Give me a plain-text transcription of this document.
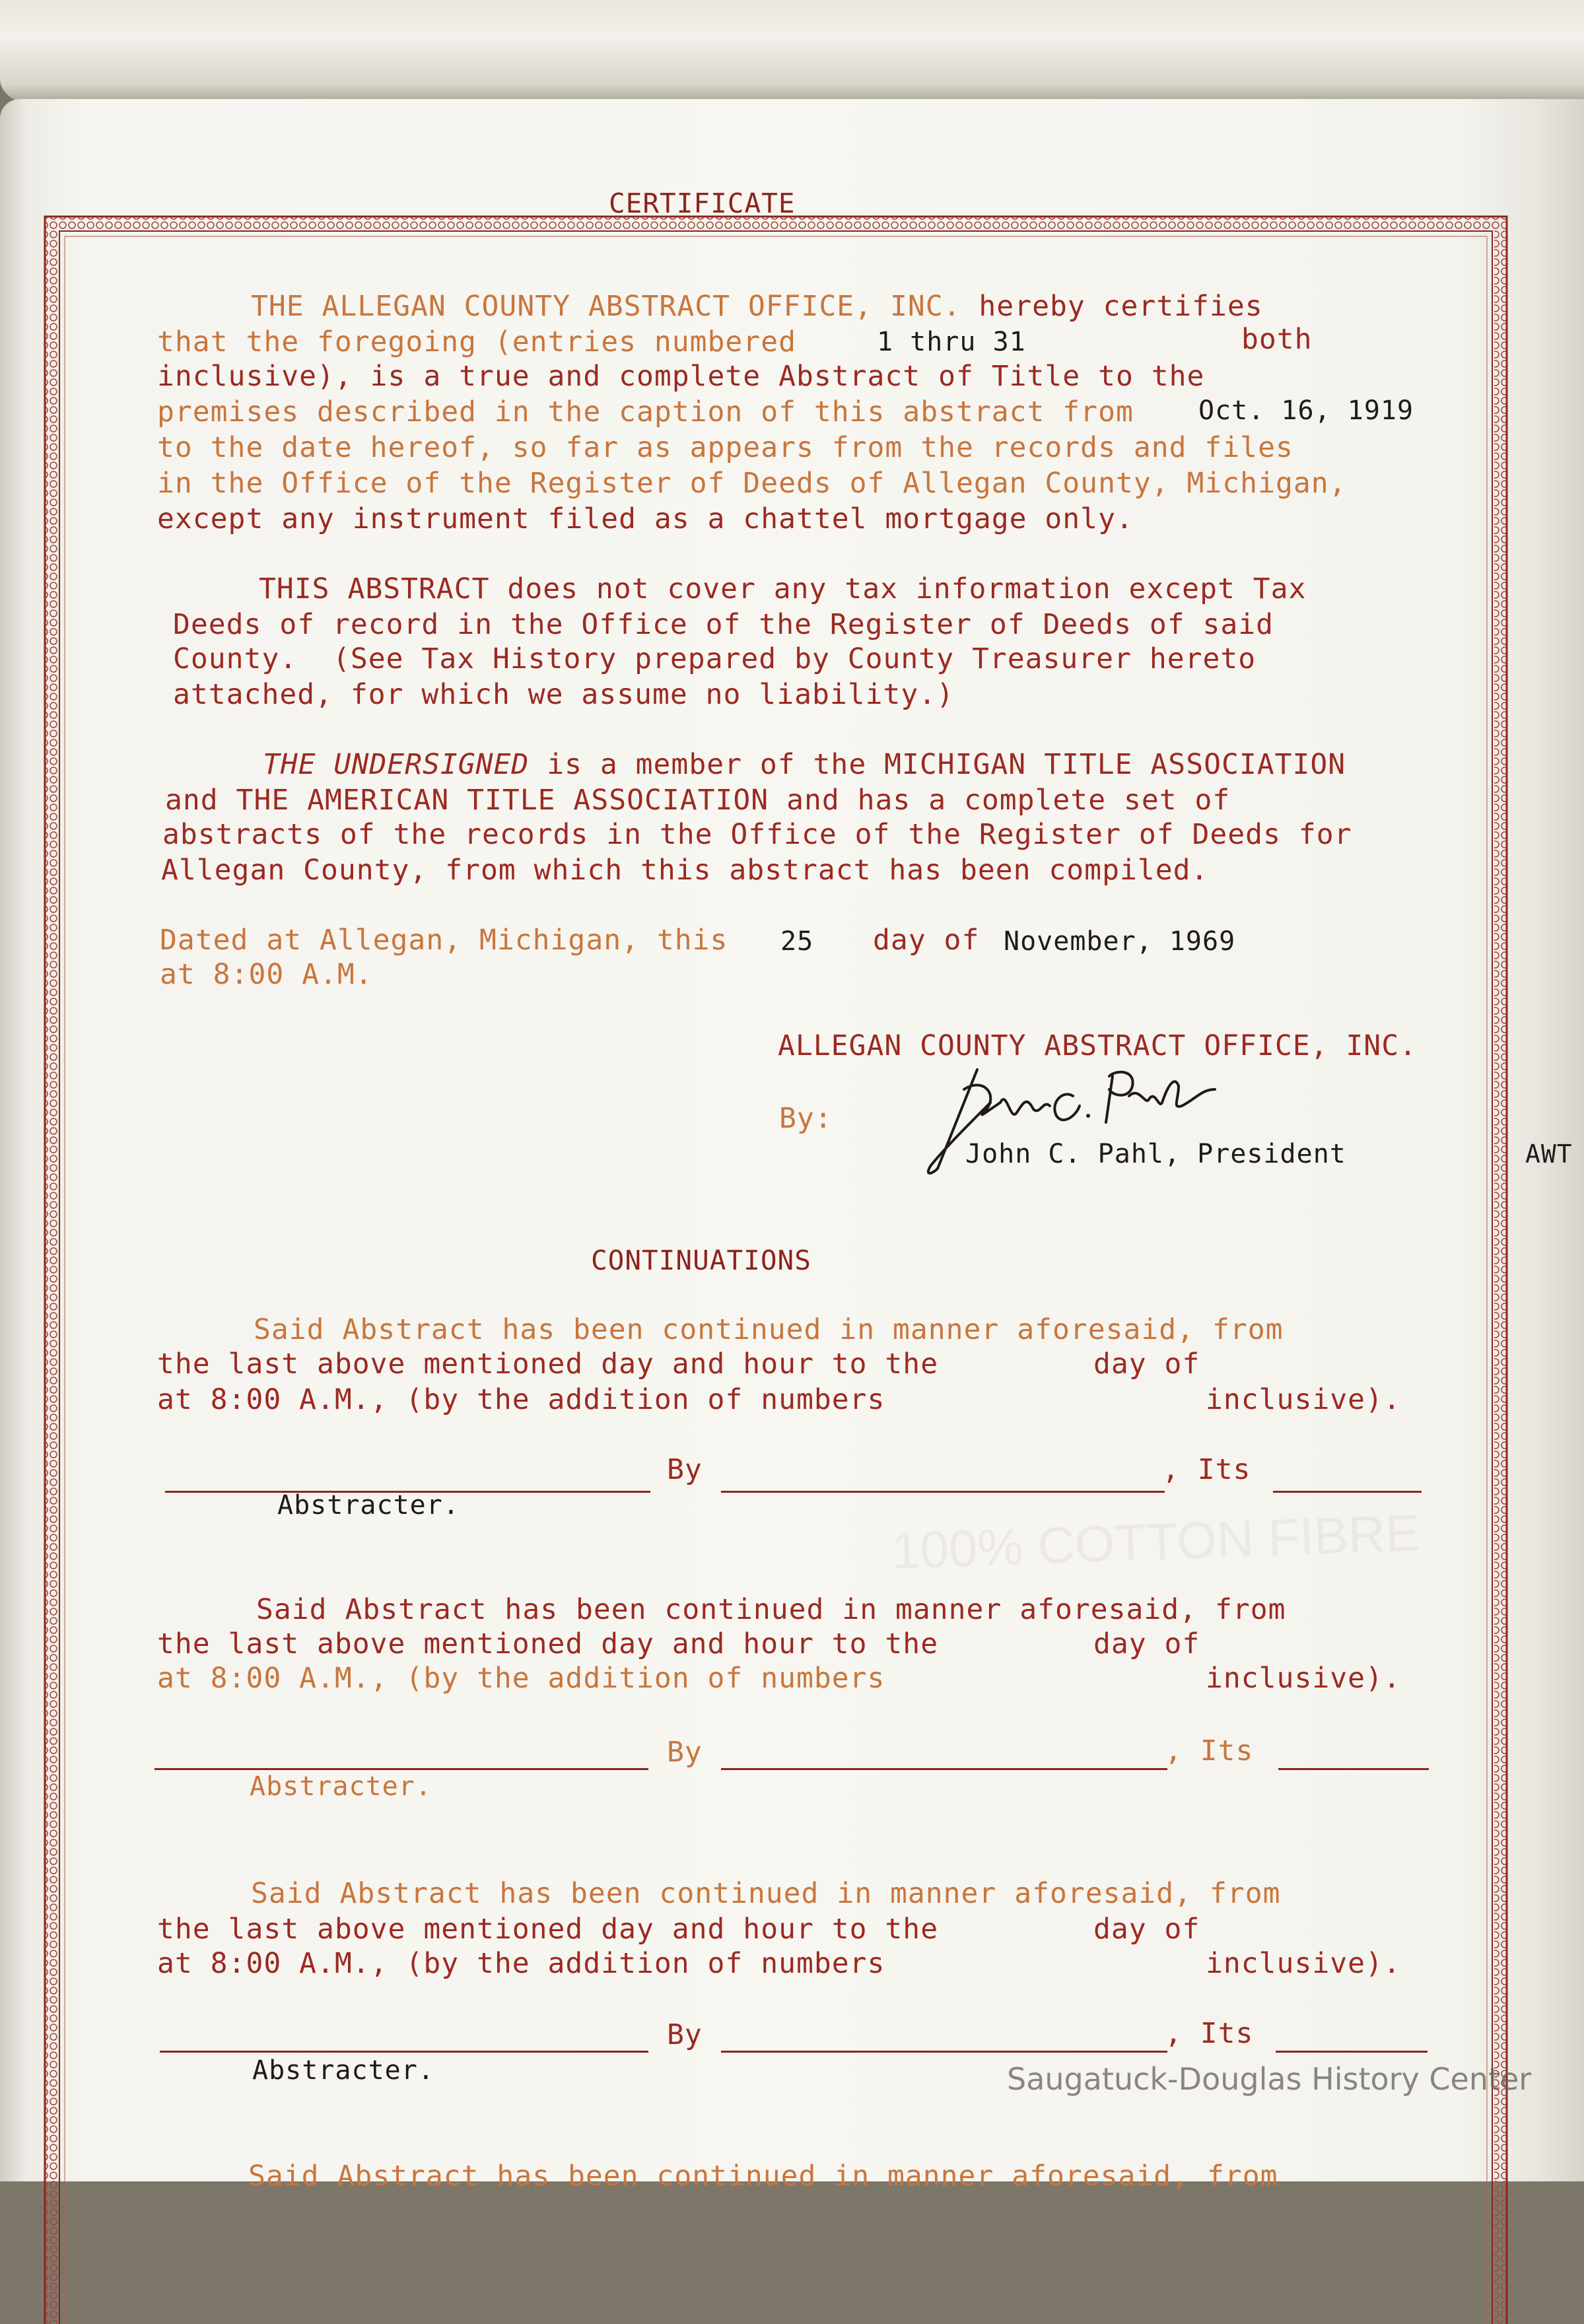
CERTIFICATE
THE ALLEGAN COUNTY ABSTRACT OFFICE, INC. hereby certifies
that the foregoing (entries numbered	1 thru 31	both
inclusive), is a true and complete Abstract of Title to the
premises described in the caption of this abstract from Oct. 16, 1919
to the date hereof, so far as appears from the records and files
in the Office of the Register of Deeds of Allegan County, Michigan,
except any instrument filed as a chattel mortgage only.
THIS ABSTRACT does not cover any tax information except Tax
Deeds of record in the Office of the Register of Deeds of said
County.  (See Tax History prepared by County Treasurer hereto
attached, for which we assume no liability.)
THE UNDERSIGNED is a member of the MICHIGAN TITLE ASSOCIATION
and THE AMERICAN TITLE ASSOCIATION and has a complete set of
abstracts of the records in the Office of the Register of Deeds for
Allegan County, from which this abstract has been compiled.
Dated at Allegan, Michigan, this 25 day of November, 1969
at 8:00 A.M.
ALLEGAN COUNTY ABSTRACT OFFICE, INC.
By:
John C. Pahl, President	AWT
CONTINUATIONS
100% COTTON FIBRE
Said Abstract has been continued in manner aforesaid, from
the last above mentioned day and hour to the	day of
at 8:00 A.M., (by the addition of numbers	inclusive).
By	, Its
Abstracter.
Said Abstract has been continued in manner aforesaid, from
the last above mentioned day and hour to the	day of
at 8:00 A.M., (by the addition of numbers	inclusive).
By	, Its
Abstracter.
Said Abstract has been continued in manner aforesaid, from
the last above mentioned day and hour to the	day of
at 8:00 A.M., (by the addition of numbers	inclusive).
By	, Its
Abstracter.
Said Abstract has been continued in manner aforesaid, from
Saugatuck-Douglas History Center
